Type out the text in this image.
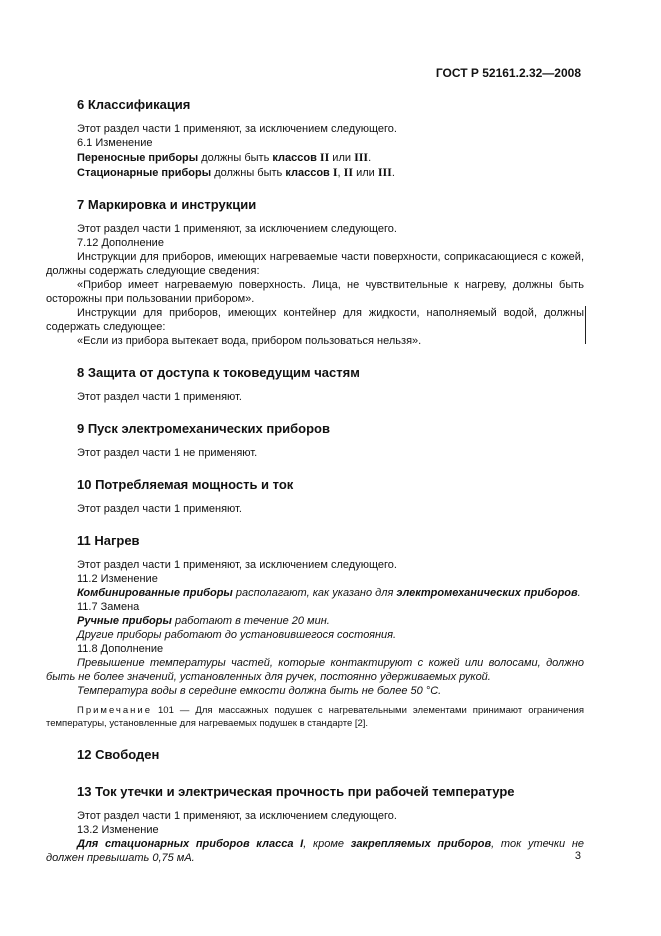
ГОСТ Р 52161.2.32—2008
6 Классификация

Этот раздел части 1 применяют, за исключением следующего.

6.1 Изменение

Переносные приборы должны быть классов II или III.

Стационарные приборы должны быть классов I, II или III.

7 Маркировка и инструкции

Этот раздел части 1 применяют, за исключением следующего.

7.12 Дополнение

Инструкции для приборов, имеющих нагреваемые части поверхности, соприкасающиеся с кожей, должны содержать следующие сведения:

«Прибор имеет нагреваемую поверхность. Лица, не чувствительные к нагреву, должны быть осторожны при пользовании прибором».

Инструкции для приборов, имеющих контейнер для жидкости, наполняемый водой, должны содержать следующее:

«Если из прибора вытекает вода, прибором пользоваться нельзя».

8 Защита от доступа к токоведущим частям

Этот раздел части 1 применяют.

9 Пуск электромеханических приборов

Этот раздел части 1 не применяют.

10 Потребляемая мощность и ток

Этот раздел части 1 применяют.

11 Нагрев

Этот раздел части 1 применяют, за исключением следующего.

11.2 Изменение

Комбинированные приборы располагают, как указано для электромеханических приборов.

11.7 Замена

Ручные приборы работают в течение 20 мин.

Другие приборы работают до установившегося состояния.

11.8 Дополнение

Превышение температуры частей, которые контактируют с кожей или волосами, должно быть не более значений, установленных для ручек, постоянно удерживаемых рукой.

Температура воды в середине емкости должна быть не более 50 °С.

Примечание 101 — Для массажных подушек с нагревательными элементами принимают ограничения температуры, установленные для нагреваемых подушек в стандарте [2].

12 Свободен
13 Ток утечки и электрическая прочность при рабочей температуре

Этот раздел части 1 применяют, за исключением следующего.

13.2 Изменение

Для стационарных приборов класса I, кроме закрепляемых приборов, ток утечки не должен превышать 0,75 мА.	3
